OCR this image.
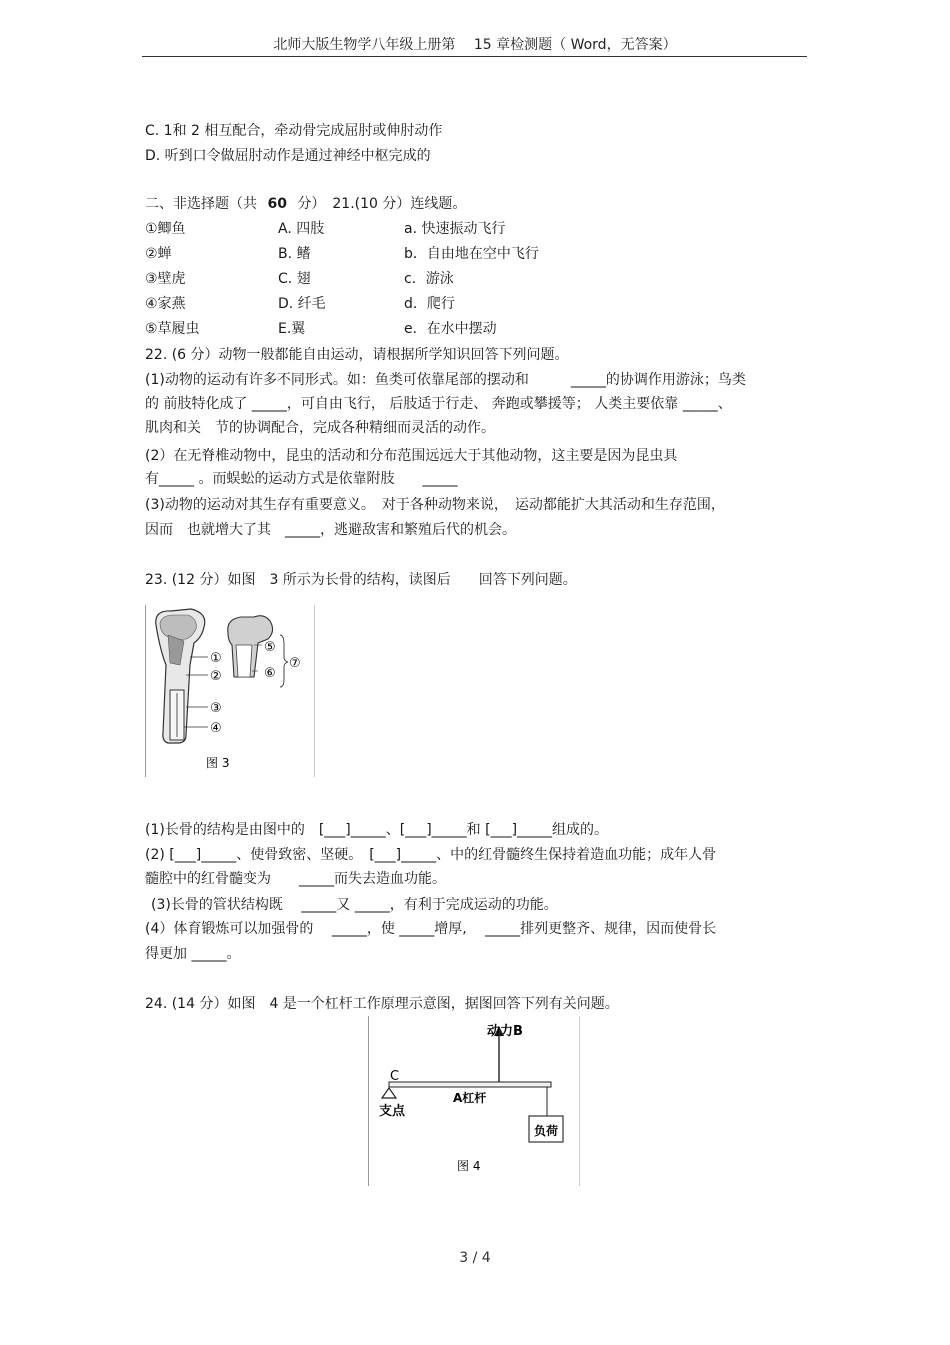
北师大版生物学八年级上册第　 15 章检测题（ Word，无答案）
C. 1和 2 相互配合，牵动骨完成屈肘或伸肘动作
D. 听到口令做屈肘动作是通过神经中枢完成的
二、非选择题（共 60 分）　21.(10 分）连线题。
①鲫鱼
②蝉
③壁虎
④家燕
⑤草履虫
A. 四肢
B. 鳍
C. 翅
D. 纤毛
E.翼
a. 快速振动飞行
b．自由地在空中飞行
c．游泳
d．爬行
e．在水中摆动
22. (6 分）动物一般都能自由运动，请根据所学知识回答下列问题。
(1)动物的运动有许多不同形式。如：鱼类可依靠尾部的摆动和　　　_____的协调作用游泳；鸟类
的 前肢特化成了 _____，可自由飞行， 后肢适于行走、 奔跑或攀援等； 人类主要依靠 _____、
肌肉和关　节的协调配合，完成各种精细而灵活的动作。
(2）在无脊椎动物中，昆虫的活动和分布范围远远大于其他动物，这主要是因为昆虫具
有_____ 。而蜈蚣的运动方式是依靠附肢　　_____
(3)动物的运动对其生存有重要意义。　对于各种动物来说，　运动都能扩大其活动和生存范围，
因而　也就增大了其　_____，逃避敌害和繁殖后代的机会。
23. (12 分）如图　3 所示为长骨的结构，读图后　　回答下列问题。
①
②
③
④
⑤
⑥
⑦
图 3
(1)长骨的结构是由图中的　[___]_____、[___]_____和 [___]_____组成的。
(2) [___]_____、使骨致密、坚硬。　[___]_____、中的红骨髓终生保持着造血功能；成年人骨
髓腔中的红骨髓变为　　_____而失去造血功能。
(3)长骨的管状结构既　 _____又 _____，有利于完成运动的功能。
(4）体育锻炼可以加强骨的　 _____，使 _____增厚,　 _____排列更整齐、规律，因而使骨长
得更加 _____。
24. (14 分）如图　4 是一个杠杆工作原理示意图，据图回答下列有关问题。
动力B
C
支点
A杠杆
负荷
图 4
3 / 4
